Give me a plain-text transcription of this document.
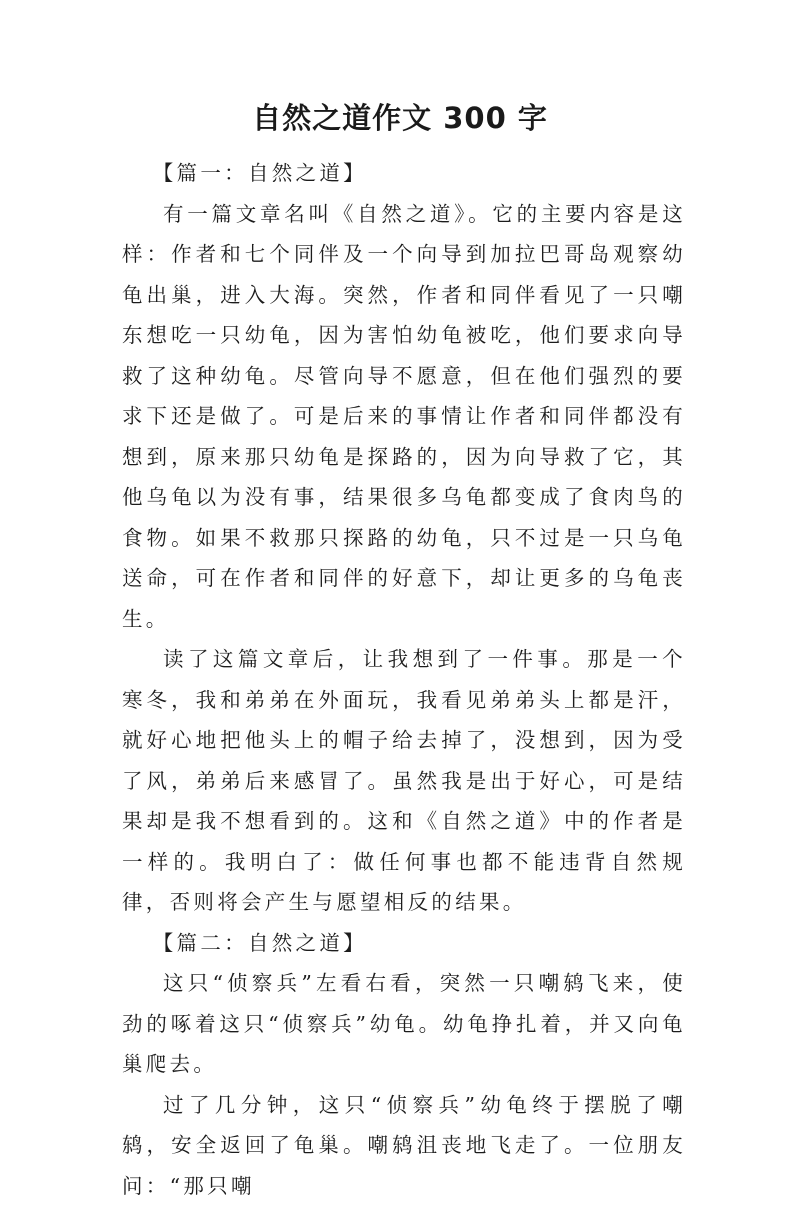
自然之道作文 300 字

【篇一：自然之道】

有一篇文章名叫《自然之道》。它的主要内容是这样：作者和七个同伴及一个向导到加拉巴哥岛观察幼龟出巢，进入大海。突然，作者和同伴看见了一只嘲东想吃一只幼龟，因为害怕幼龟被吃，他们要求向导救了这种幼龟。尽管向导不愿意，但在他们强烈的要求下还是做了。可是后来的事情让作者和同伴都没有想到，原来那只幼龟是探路的，因为向导救了它，其他乌龟以为没有事，结果很多乌龟都变成了食肉鸟的食物。如果不救那只探路的幼龟，只不过是一只乌龟送命，可在作者和同伴的好意下，却让更多的乌龟丧生。

读了这篇文章后，让我想到了一件事。那是一个寒冬，我和弟弟在外面玩，我看见弟弟头上都是汗，就好心地把他头上的帽子给去掉了，没想到，因为受了风，弟弟后来感冒了。虽然我是出于好心，可是结果却是我不想看到的。这和《自然之道》中的作者是一样的。我明白了：做任何事也都不能违背自然规律，否则将会产生与愿望相反的结果。

【篇二：自然之道】

这只“侦察兵”左看右看，突然一只嘲鸫飞来，使劲的啄着这只“侦察兵”幼龟。幼龟挣扎着，并又向龟巢爬去。

过了几分钟，这只“侦察兵”幼龟终于摆脱了嘲鸫，安全返回了龟巢。嘲鸫沮丧地飞走了。一位朋友问：“那只嘲
